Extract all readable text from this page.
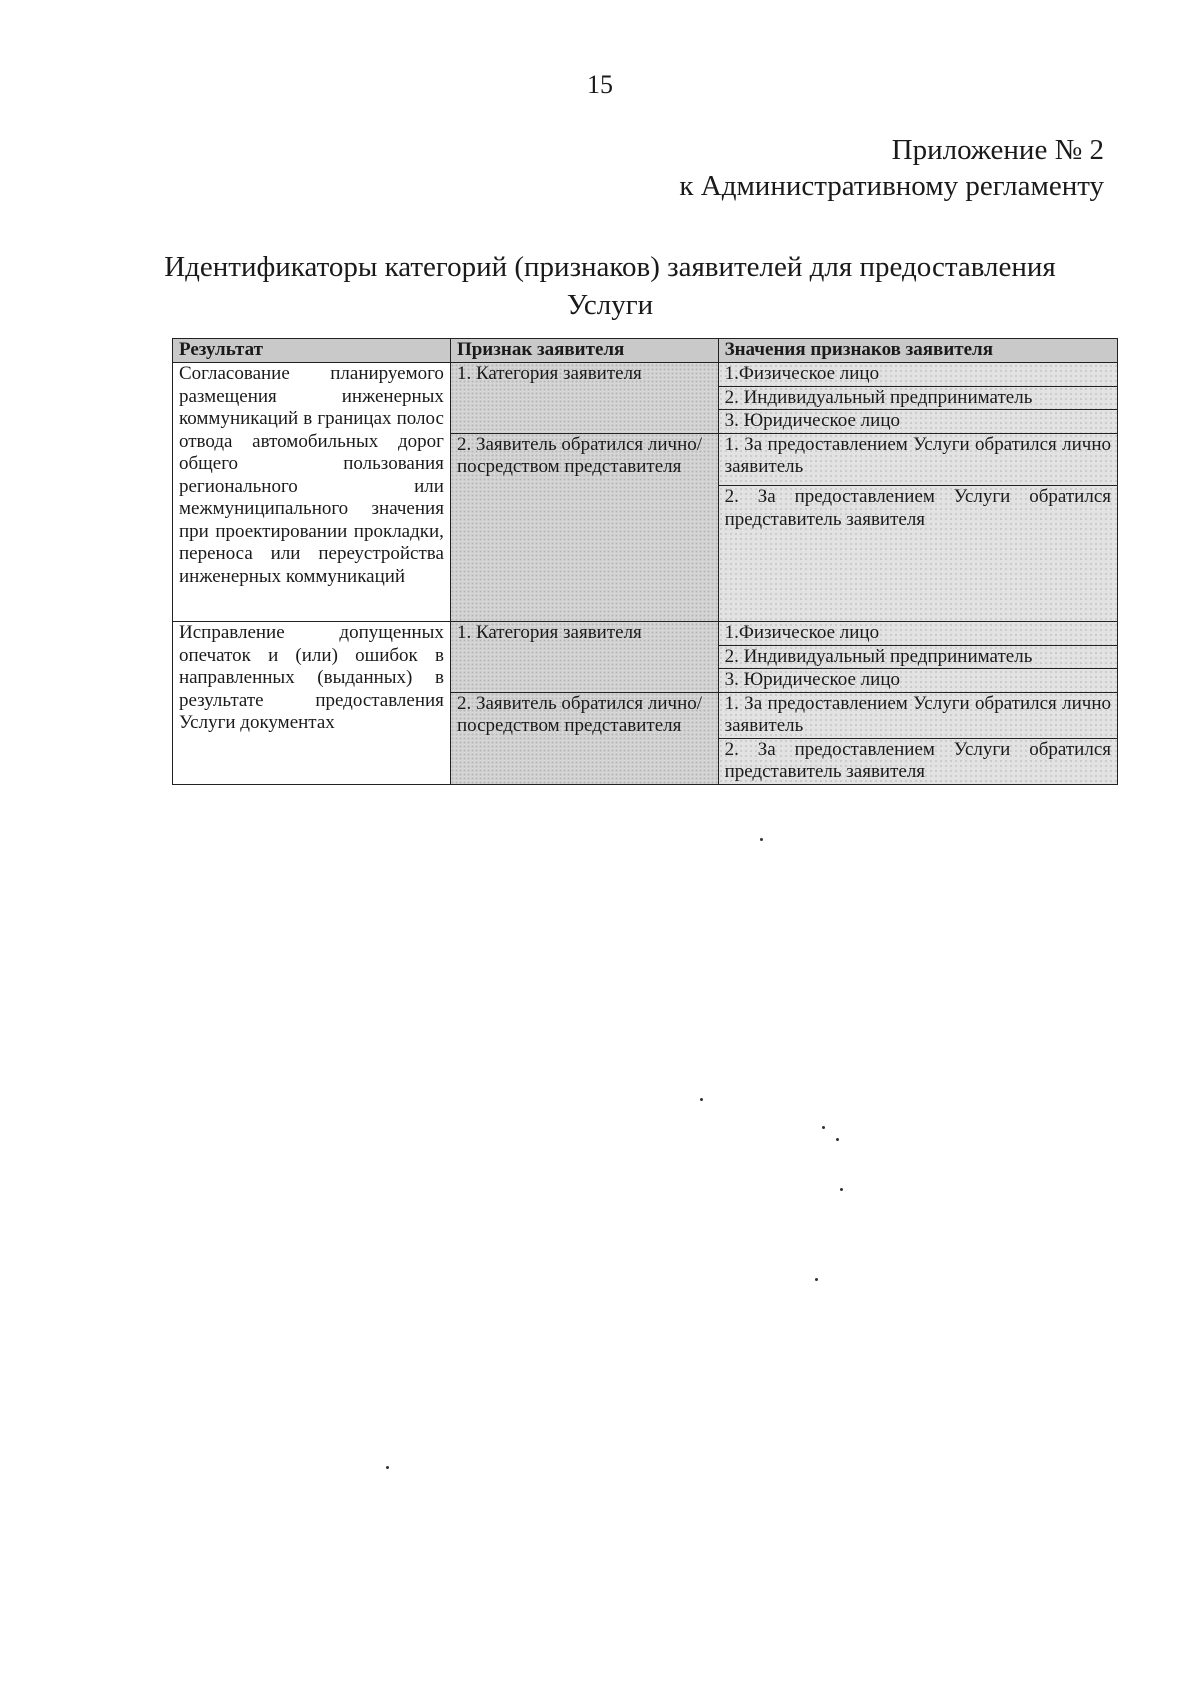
15
Приложение № 2
к Административному регламенту
Идентификаторы категорий (признаков) заявителей для предоставления
Услуги
Результат	Признак заявителя	Значения признаков заявителя
Согласование планируемого размещения инженерных коммуникаций в границах полос отвода автомобильных дорог общего пользования регионального или межмуниципального значения при проектировании прокладки, переноса или переустройства инженерных коммуникаций	1. Категория заявителя	1.Физическое лицо
		2. Индивидуальный предприниматель
		3. Юридическое лицо
	2. Заявитель обратился лично/посредством представителя	1. За предоставлением Услуги обратился лично заявитель
		2. За предоставлением Услуги обратился представитель заявителя
Исправление допущенных опечаток и (или) ошибок в направленных (выданных) в результате предоставления Услуги документах	1. Категория заявителя	1.Физическое лицо
		2. Индивидуальный предприниматель
		3. Юридическое лицо
	2. Заявитель обратился лично/посредством представителя	1. За предоставлением Услуги обратился лично заявитель
		2. За предоставлением Услуги обратился представитель заявителя
